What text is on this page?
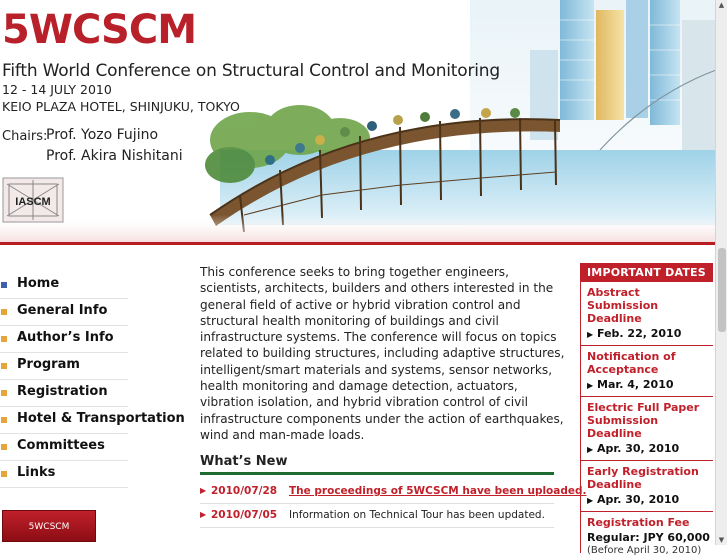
5WCSCM
Fifth World Conference on Structural Control and Monitoring
12 - 14 JULY 2010
KEIO PLAZA HOTEL, SHINJUKU, TOKYO
Chairs:
Prof. Yozo Fujino
Prof. Akira Nishitani
IASCM
▲
▼
Home
General Info
Author’s Info
Program
Registration
Hotel & Transportation
Committees
Links
5WCSCM

This conference seeks to bring together engineers, scientists, architects, builders and others interested in the general field of active or hybrid vibration control and structural health monitoring of buildings and civil infrastructure systems. The conference will focus on topics related to building structures, including adaptive structures, intelligent/smart materials and systems, sensor networks, health monitoring and damage detection, actuators, vibration isolation, and hybrid vibration control of civil infrastructure components under the action of earthquakes, wind and man-made loads.

What’s New
▶ 2010/07/28 The proceedings of 5WCSCM have been uploaded.
▶ 2010/07/05 Information on Technical Tour has been updated.
IMPORTANT DATES
Abstract Submission Deadline
▶ Feb. 22, 2010
Notification of Acceptance
▶ Mar. 4, 2010
Electric Full Paper Submission Deadline
▶ Apr. 30, 2010
Early Registration Deadline
▶ Apr. 30, 2010
Registration Fee
Regular: JPY 60,000
(Before April 30, 2010)
